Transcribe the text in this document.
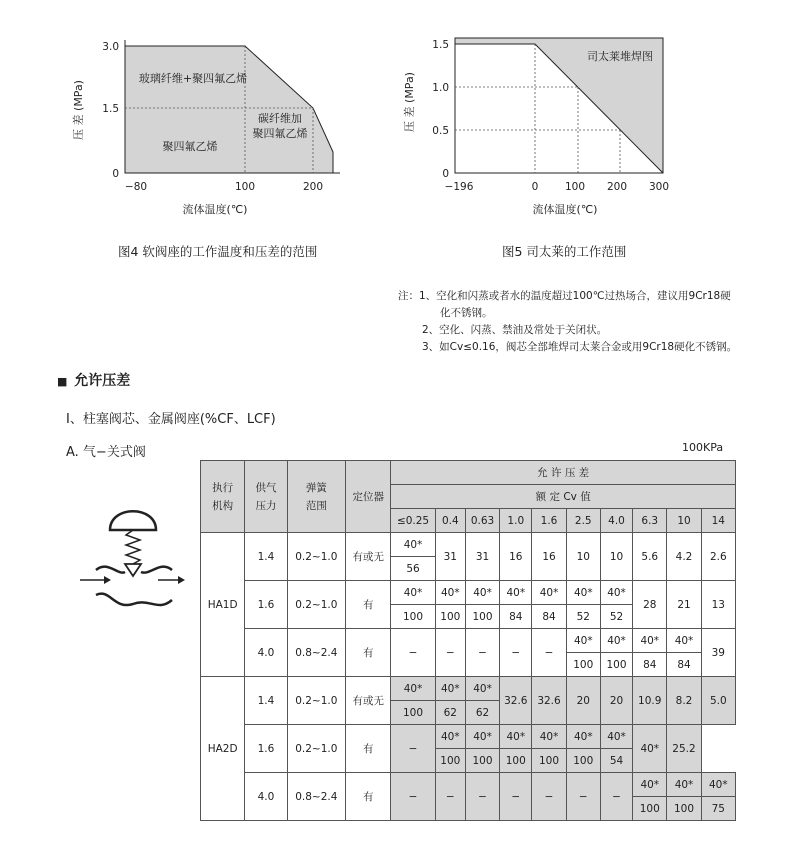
压 差 (MPa)
3.0
1.5
0
−80	100	200
流体温度(℃)
玻璃纤维+聚四氟乙烯
碳纤维加
聚四氟乙烯
聚四氟乙烯
图4 软阀座的工作温度和压差的范围
压 差 (MPa)
1.5
1.0
0.5
0
−196	0	100 200 300
流体温度(℃)
司太莱堆焊图
图5 司太莱的工作范围
注：1、空化和闪蒸或者水的温度超过100℃过热场合，建议用9Cr18硬
化不锈钢。
2、空化、闪蒸、禁油及常处于关闭状。
3、如Cv≤0.16，阀芯全部堆焊司太莱合金或用9Cr18硬化不锈钢。
■ 允许压差
I、柱塞阀芯、金属阀座(%CF、LCF)
A. 气−关式阀	100KPa
执行机构	供气压力	弹簧范围	定位器	允 许 压 差									
				额 定 Cv 值									
				≤0.25	0.4	0.63	1.0	1.6	2.5	4.0	6.3	10	14
HA1D	1.4	0.2~1.0	有或无	40*	31	31	16	16	10	10	5.6	4.2	2.6
				56									
	1.6	0.2~1.0	有	40*	40*	40*	40*	40*	40*	40*	28	21	13
				100	100	100	84	84	52	52			
	4.0	0.8~2.4	有	−	−	−	−	−	40*	40*	40*	40*	39
									100	100	84	84	
HA2D	1.4	0.2~1.0	有或无	40*	40*	40*	32.6	32.6	20	20	10.9	8.2	5.0
				100	62	62							
	1.6	0.2~1.0	有	−	40*	40*	40*	40*	40*	40*	40*	25.2	
					100	100	100	100	100	54			
	4.0	0.8~2.4	有	−	−	−	−	−	−	−	40*	40*	40*
											100	100	75
